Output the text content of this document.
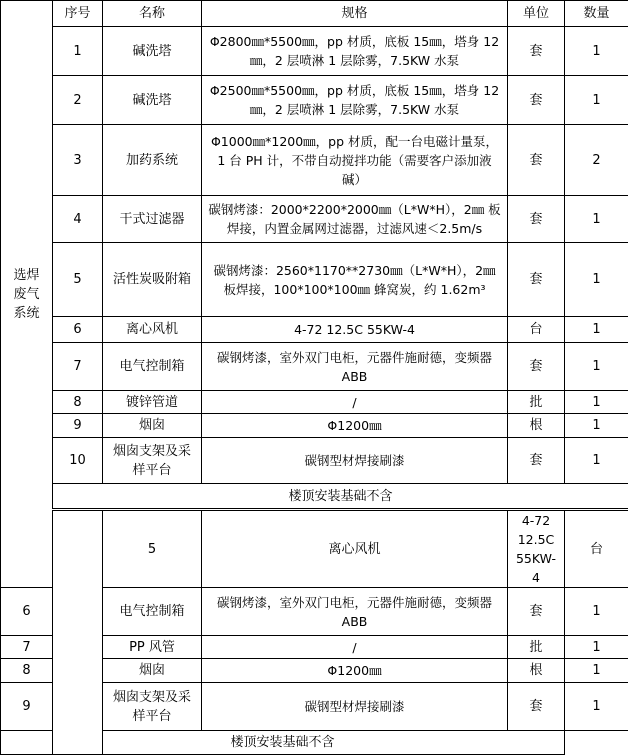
选焊
废气
系统	序号	名称	规格	单位	数量	
	1	碱洗塔	Φ2800㎜*5500㎜，pp 材质，底板 15㎜，塔身 12㎜，2 层喷淋 1 层除雾，7.5KW 水泵	套	1	
	2	碱洗塔	Φ2500㎜*5500㎜，pp 材质，底板 15㎜，塔身 12㎜，2 层喷淋 1 层除雾，7.5KW 水泵	套	1	
	3	加药系统	Φ1000㎜*1200㎜，pp 材质，配一台电磁计量泵，1 台 PH 计，不带自动搅拌功能（需要客户添加液碱）	套	2	
	4	干式过滤器	碳钢烤漆：2000*2200*2000㎜（L*W*H），2㎜ 板焊接，内置金属网过滤器，过滤风速＜2.5m/s	套	1	
	5	活性炭吸附箱	碳钢烤漆：2560*1170**2730㎜（L*W*H），2㎜ 板焊接，100*100*100㎜ 蜂窝炭，约 1.62m³	套	1	
	6	离心风机	4-72 12.5C 55KW-4	台	1	
	7	电气控制箱	碳钢烤漆，室外双门电柜，元器件施耐德，变频器 ABB	套	1	
	8	镀锌管道	/	批	1	
	9	烟囱	Φ1200㎜	根	1	
	10	烟囱支架及采样平台	碳钢型材焊接刷漆	套	1	
	楼顶安装基础不含					
		5	离心风机	4-72 12.5C 55KW-4	台	
6		电气控制箱	碳钢烤漆，室外双门电柜，元器件施耐德，变频器 ABB	套	1	
7		PP 风管	/	批	1	
8		烟囱	Φ1200㎜	根	1	
9		烟囱支架及采样平台	碳钢型材焊接刷漆	套	1	
楼顶安装基础不含						
